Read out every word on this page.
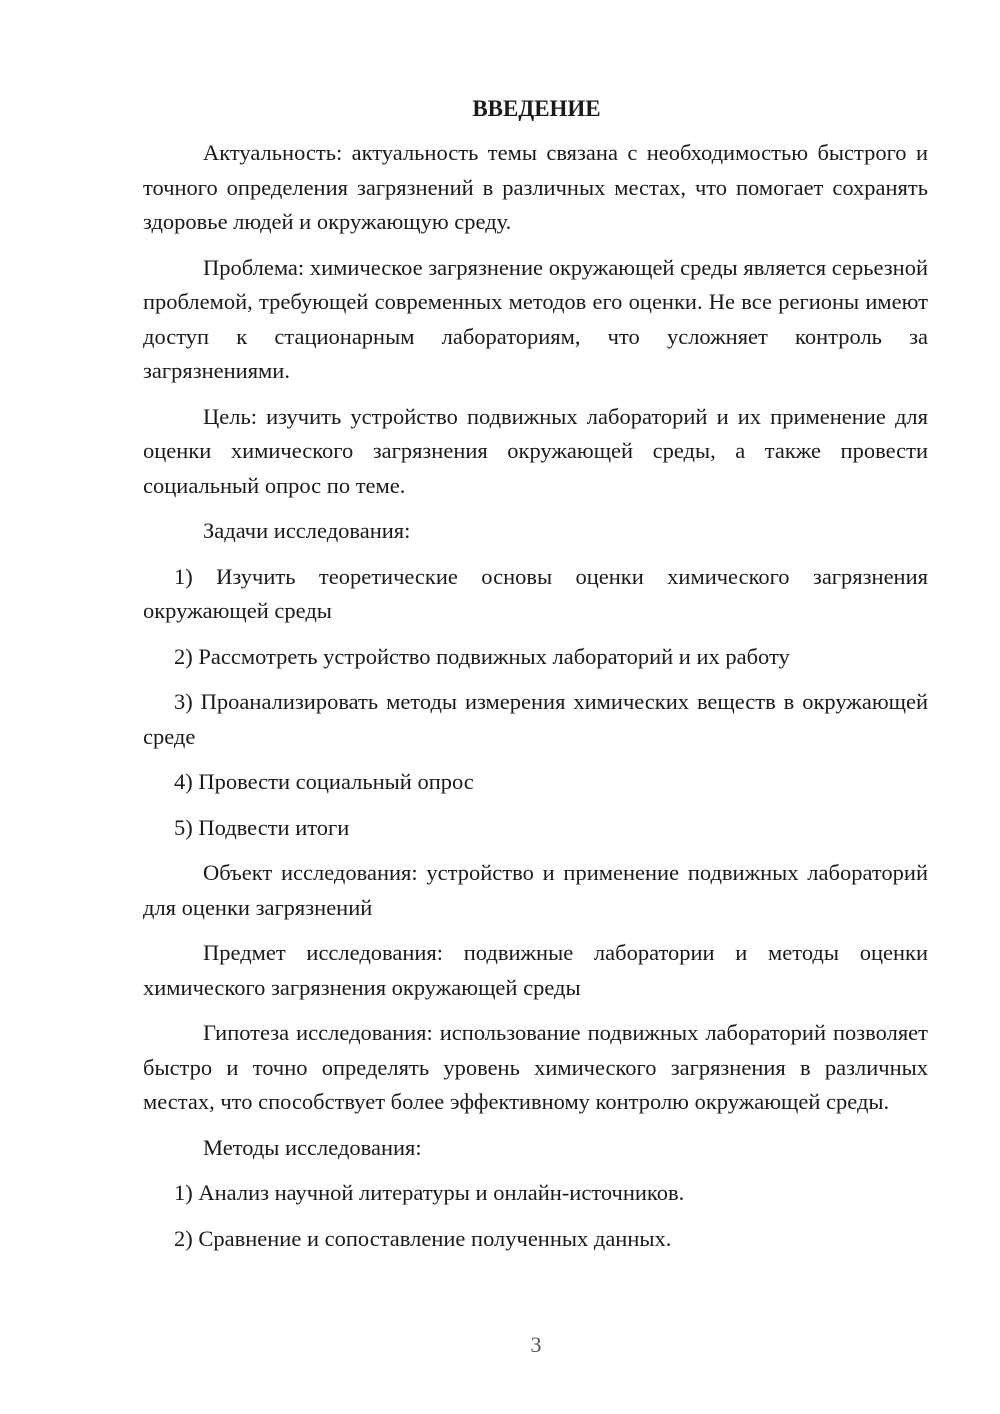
ВВЕДЕНИЕ

Актуальность: актуальность темы связана с необходимостью быстрого и точного определения загрязнений в различных местах, что помогает сохранять здоровье людей и окружающую среду.

Проблема: химическое загрязнение окружающей среды является серьезной проблемой, требующей современных методов его оценки. Не все регионы имеют доступ к стационарным лабораториям, что усложняет контроль за загрязнениями.

Цель: изучить устройство подвижных лабораторий и их применение для оценки химического загрязнения окружающей среды, а также провести социальный опрос по теме.

Задачи исследования:

1) Изучить теоретические основы оценки химического загрязнения окружающей среды

2) Рассмотреть устройство подвижных лабораторий и их работу

3) Проанализировать методы измерения химических веществ в окружающей среде

4) Провести социальный опрос

5) Подвести итоги

Объект исследования: устройство и применение подвижных лабораторий для оценки загрязнений

Предмет исследования: подвижные лаборатории и методы оценки химического загрязнения окружающей среды

Гипотеза исследования: использование подвижных лабораторий позволяет быстро и точно определять уровень химического загрязнения в различных местах, что способствует более эффективному контролю окружающей среды.

Методы исследования:

1) Анализ научной литературы и онлайн-источников.

2) Сравнение и сопоставление полученных данных.

3
